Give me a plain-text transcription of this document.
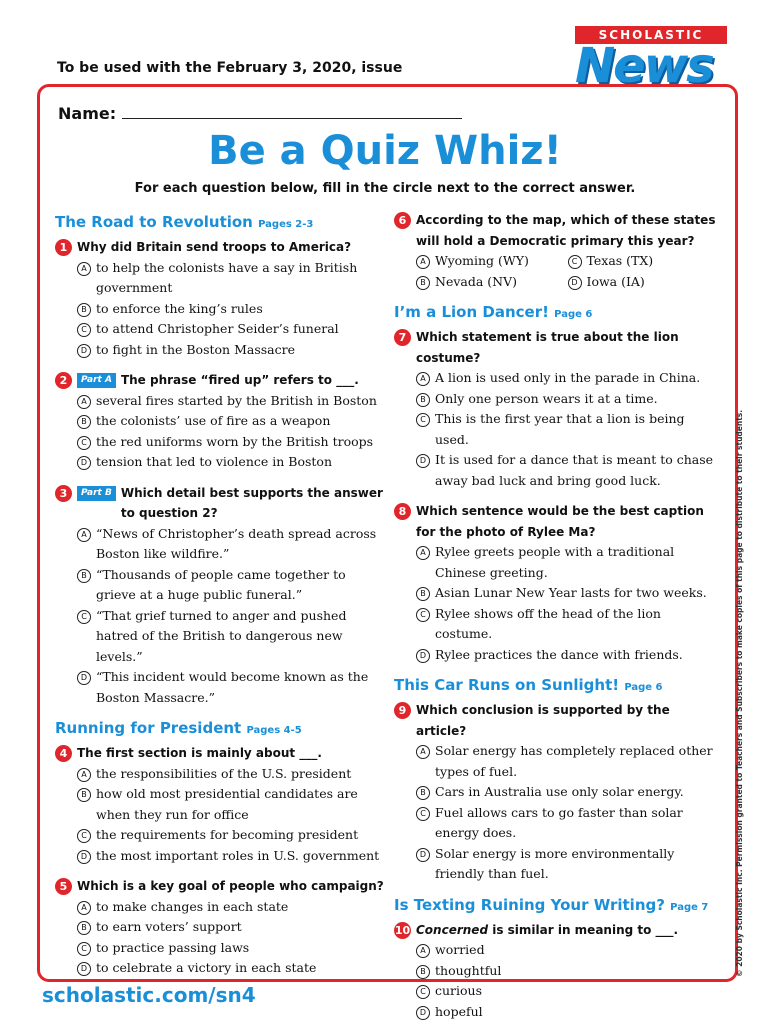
To be used with the February 3, 2020, issue
SCHOLASTIC
News
Name:
Be a Quiz Whiz!
For each question below, fill in the circle next to the correct answer.
The Road to Revolution Pages 2-3
1 Why did Britain send troops to America?
A to help the colonists have a say in British government
B to enforce the king’s rules
C to attend Christopher Seider’s funeral
D to fight in the Boston Massacre
2	Part A The phrase “fired up” refers to ___.
A several fires started by the British in Boston
B the colonists’ use of fire as a weapon
C the red uniforms worn by the British troops
D tension that led to violence in Boston
3	Part B Which detail best supports the answer to question 2?
A “News of Christopher’s death spread across Boston like wildfire.”
B “Thousands of people came together to grieve at a huge public funeral.”
C “That grief turned to anger and pushed hatred of the British to dangerous new levels.”
D “This incident would become known as the Boston Massacre.”
Running for President Pages 4-5
4 The first section is mainly about ___.
A the responsibilities of the U.S. president
B how old most presidential candidates are when they run for office
C the requirements for becoming president
D the most important roles in U.S. government
5 Which is a key goal of people who campaign?
A to make changes in each state
B to earn voters’ support
C to practice passing laws
D to celebrate a victory in each state
6 According to the map, which of these states will hold a Democratic primary this year?
A Wyoming (WY)	C Texas (TX)
B Nevada (NV)	D Iowa (IA)
I’m a Lion Dancer! Page 6
7 Which statement is true about the lion costume?
A A lion is used only in the parade in China.
B Only one person wears it at a time.
C This is the first year that a lion is being used.
D It is used for a dance that is meant to chase away bad luck and bring good luck.
8 Which sentence would be the best caption for the photo of Rylee Ma?
A Rylee greets people with a traditional Chinese greeting.
B Asian Lunar New Year lasts for two weeks.
C Rylee shows off the head of the lion costume.
D Rylee practices the dance with friends.
This Car Runs on Sunlight! Page 6
9 Which conclusion is supported by the article?
A Solar energy has completely replaced other types of fuel.
B Cars in Australia use only solar energy.
C Fuel allows cars to go faster than solar energy does.
D Solar energy is more environmentally friendly than fuel.
Is Texting Ruining Your Writing? Page 7
10 Concerned is similar in meaning to ___.
A worried
B thoughtful
C curious
D hopeful
scholastic.com/sn4
© 2020 by Scholastic Inc. Permission granted to Teachers and Subscribers to make copies of this page to distribute to their students.
